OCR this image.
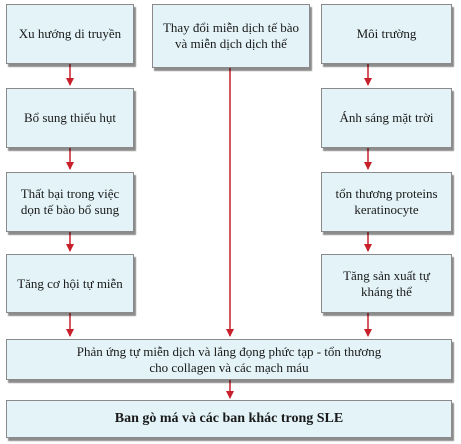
Xu hướng di truyền
Bổ sung thiếu hụt
Thất bại trong việc dọn tế bào bổ sung
Tăng cơ hội tự miễn
Thay đổi miễn dịch tế bào và miễn dịch dịch thể
Môi trường
Ánh sáng mặt trời
tổn thương proteins keratinocyte
Tăng sản xuất tự kháng thể
Phản ứng tự miễn dịch và lắng đọng phức tạp - tổn thương cho collagen và các mạch máu
Ban gò má và các ban khác trong SLE
